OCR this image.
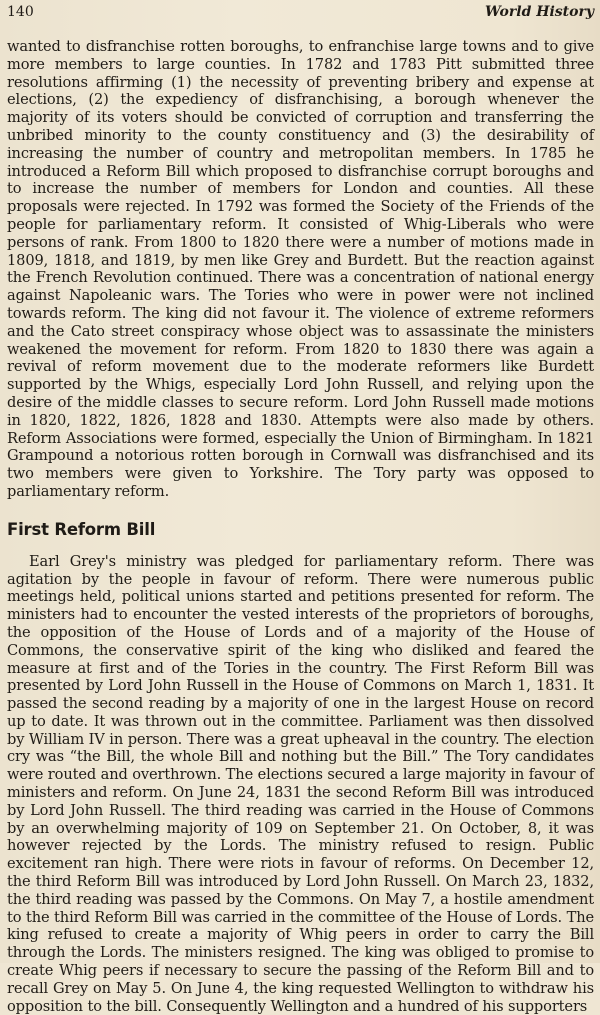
140	World History

wanted to disfranchise rotten boroughs, to enfranchise large towns and to give more members to large counties. In 1782 and 1783 Pitt submitted three resolutions affirming (1) the necessity of preventing bribery and expense at elections, (2) the expediency of disfranchising, a borough whenever the majority of its voters should be convicted of corruption and transferring the unbribed minority to the county constituency and (3) the desirability of increasing the number of country and metropolitan members. In 1785 he introduced a Reform Bill which proposed to disfranchise corrupt boroughs and to increase the number of members for London and counties. All these proposals were rejected. In 1792 was formed the Society of the Friends of the people for parliamentary reform. It consisted of Whig-Liberals who were persons of rank. From 1800 to 1820 there were a number of motions made in 1809, 1818, and 1819, by men like Grey and Burdett. But the reaction against the French Revolution continued. There was a concentration of national energy against Napoleanic wars. The Tories who were in power were not inclined towards reform. The king did not favour it. The violence of extreme reformers and the Cato street conspiracy whose object was to assassinate the ministers weakened the movement for reform. From 1820 to 1830 there was again a revival of reform movement due to the moderate reformers like Burdett supported by the Whigs, especially Lord John Russell, and relying upon the desire of the middle classes to secure reform. Lord John Russell made motions in 1820, 1822, 1826, 1828 and 1830. Attempts were also made by others. Reform Associations were formed, especially the Union of Birmingham. In 1821 Grampound a notorious rotten borough in Cornwall was disfranchised and its two members were given to Yorkshire. The Tory party was opposed to parliamentary reform.

First Reform Bill

Earl Grey's ministry was pledged for parliamentary reform. There was agitation by the people in favour of reform. There were numerous public meetings held, political unions started and petitions presented for reform. The ministers had to encounter the vested interests of the proprietors of boroughs, the opposition of the House of Lords and of a majority of the House of Commons, the conservative spirit of the king who disliked and feared the measure at first and of the Tories in the country. The First Reform Bill was presented by Lord John Russell in the House of Commons on March 1, 1831. It passed the second reading by a majority of one in the largest House on record up to date. It was thrown out in the committee. Parliament was then dissolved by William IV in person. There was a great upheaval in the country. The election cry was “the Bill, the whole Bill and nothing but the Bill.” The Tory candidates were routed and overthrown. The elections secured a large majority in favour of ministers and reform. On June 24, 1831 the second Reform Bill was introduced by Lord John Russell. The third reading was carried in the House of Commons by an overwhelming majority of 109 on September 21. On October, 8, it was however rejected by the Lords. The ministry refused to resign. Public excitement ran high. There were riots in favour of reforms. On December 12, the third Reform Bill was introduced by Lord John Russell. On March 23, 1832, the third reading was passed by the Commons. On May 7, a hostile amendment to the third Reform Bill was carried in the committee of the House of Lords. The king refused to create a majority of Whig peers in order to carry the Bill through the Lords. The ministers resigned. The king was obliged to promise to create Whig peers if necessary to secure the passing of the Reform Bill and to recall Grey on May 5. On June 4, the king requested Wellington to withdraw his opposition to the bill. Consequently Wellington and a hundred of his supporters
